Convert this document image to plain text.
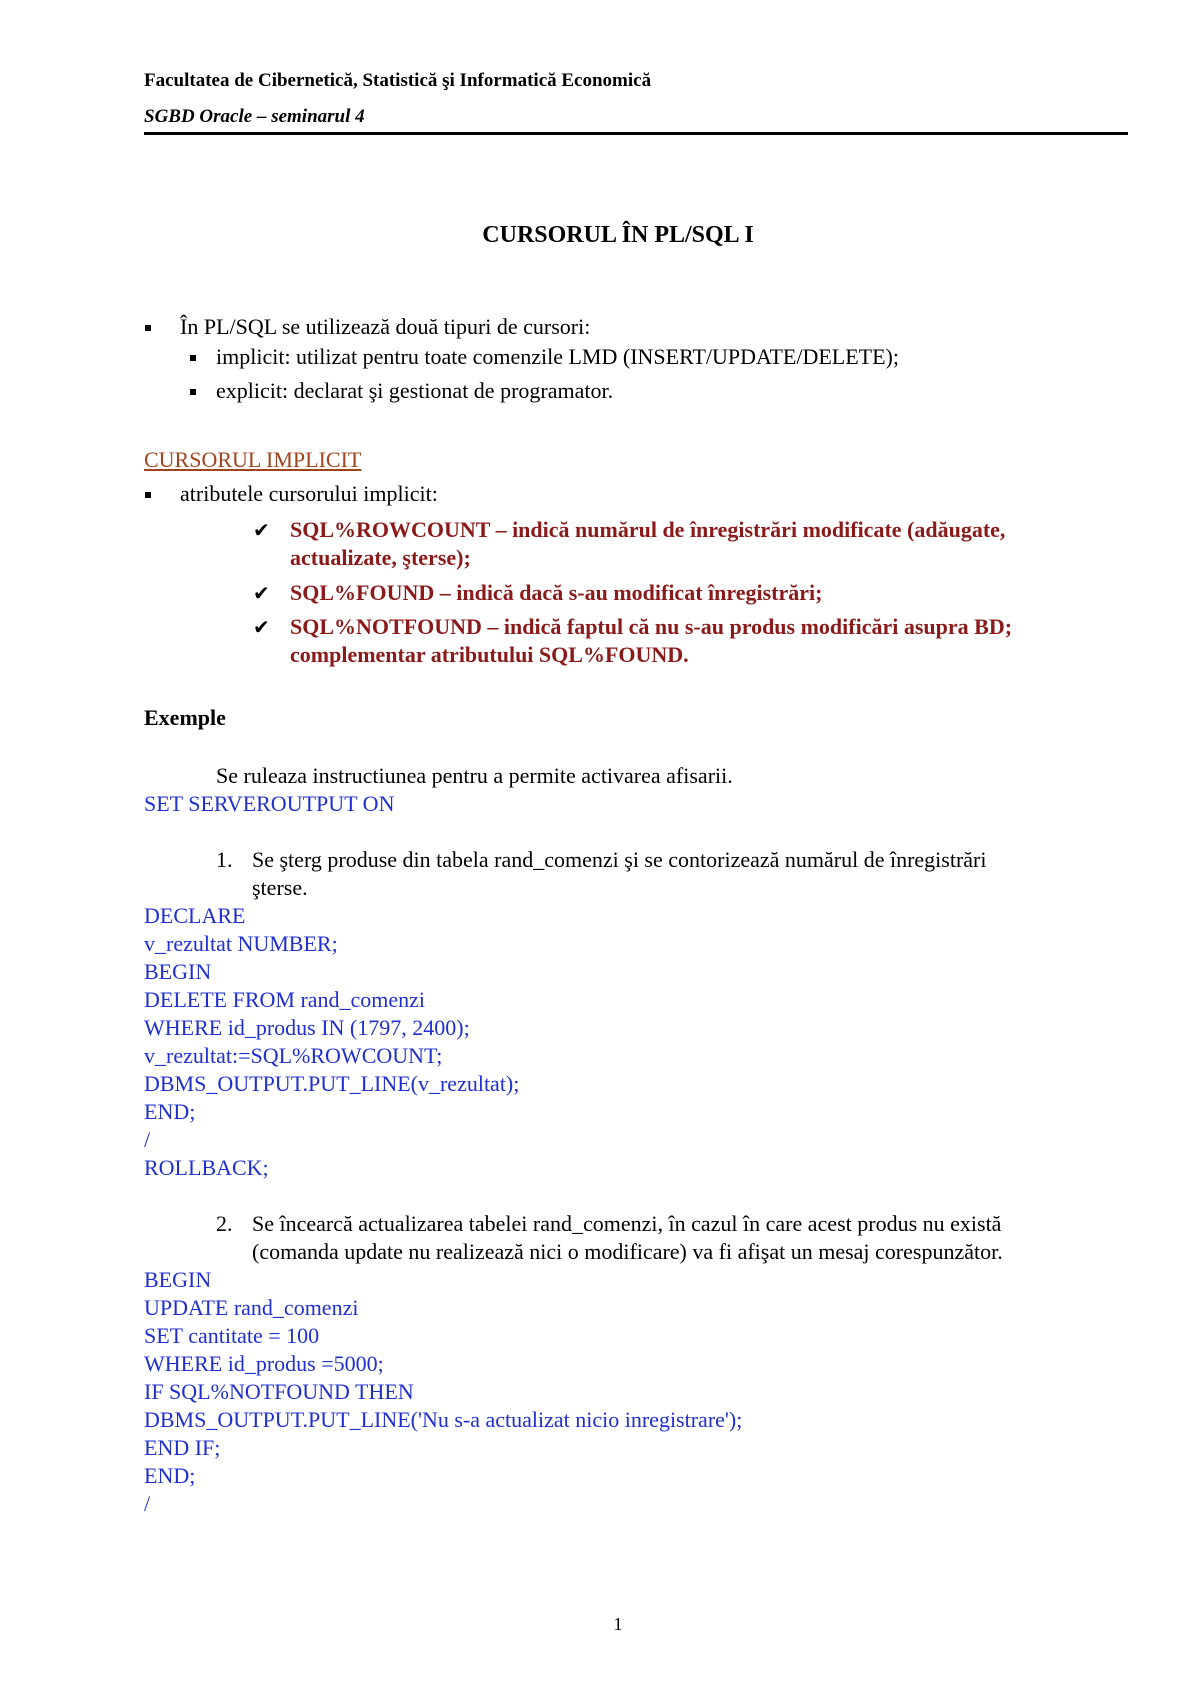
Facultatea de Cibernetică, Statistică şi Informatică Economică
SGBD Oracle – seminarul 4
CURSORUL ÎN PL/SQL I
În PL/SQL se utilizează două tipuri de cursori:
implicit: utilizat pentru toate comenzile LMD (INSERT/UPDATE/DELETE);
explicit: declarat şi gestionat de programator.
CURSORUL IMPLICIT
atributele cursorului implicit:
✔ SQL%ROWCOUNT – indică numărul de înregistrări modificate (adăugate,
actualizate, şterse);
✔ SQL%FOUND – indică dacă s-au modificat înregistrări;
✔ SQL%NOTFOUND – indică faptul că nu s-au produs modificări asupra BD;
complementar atributului SQL%FOUND.
Exemple
Se ruleaza instructiunea pentru a permite activarea afisarii.
SET SERVEROUTPUT ON
1. Se şterg produse din tabela rand_comenzi şi se contorizează numărul de înregistrări
şterse.
DECLARE
v_rezultat NUMBER;
BEGIN
DELETE FROM rand_comenzi
WHERE id_produs IN (1797, 2400);
v_rezultat:=SQL%ROWCOUNT;
DBMS_OUTPUT.PUT_LINE(v_rezultat);
END;
/
ROLLBACK;
2. Se încearcă actualizarea tabelei rand_comenzi, în cazul în care acest produs nu există
(comanda update nu realizează nici o modificare) va fi afişat un mesaj corespunzător.
BEGIN
UPDATE rand_comenzi
SET cantitate = 100
WHERE id_produs =5000;
IF SQL%NOTFOUND THEN
DBMS_OUTPUT.PUT_LINE('Nu s-a actualizat nicio inregistrare');
END IF;
END;
/
1
